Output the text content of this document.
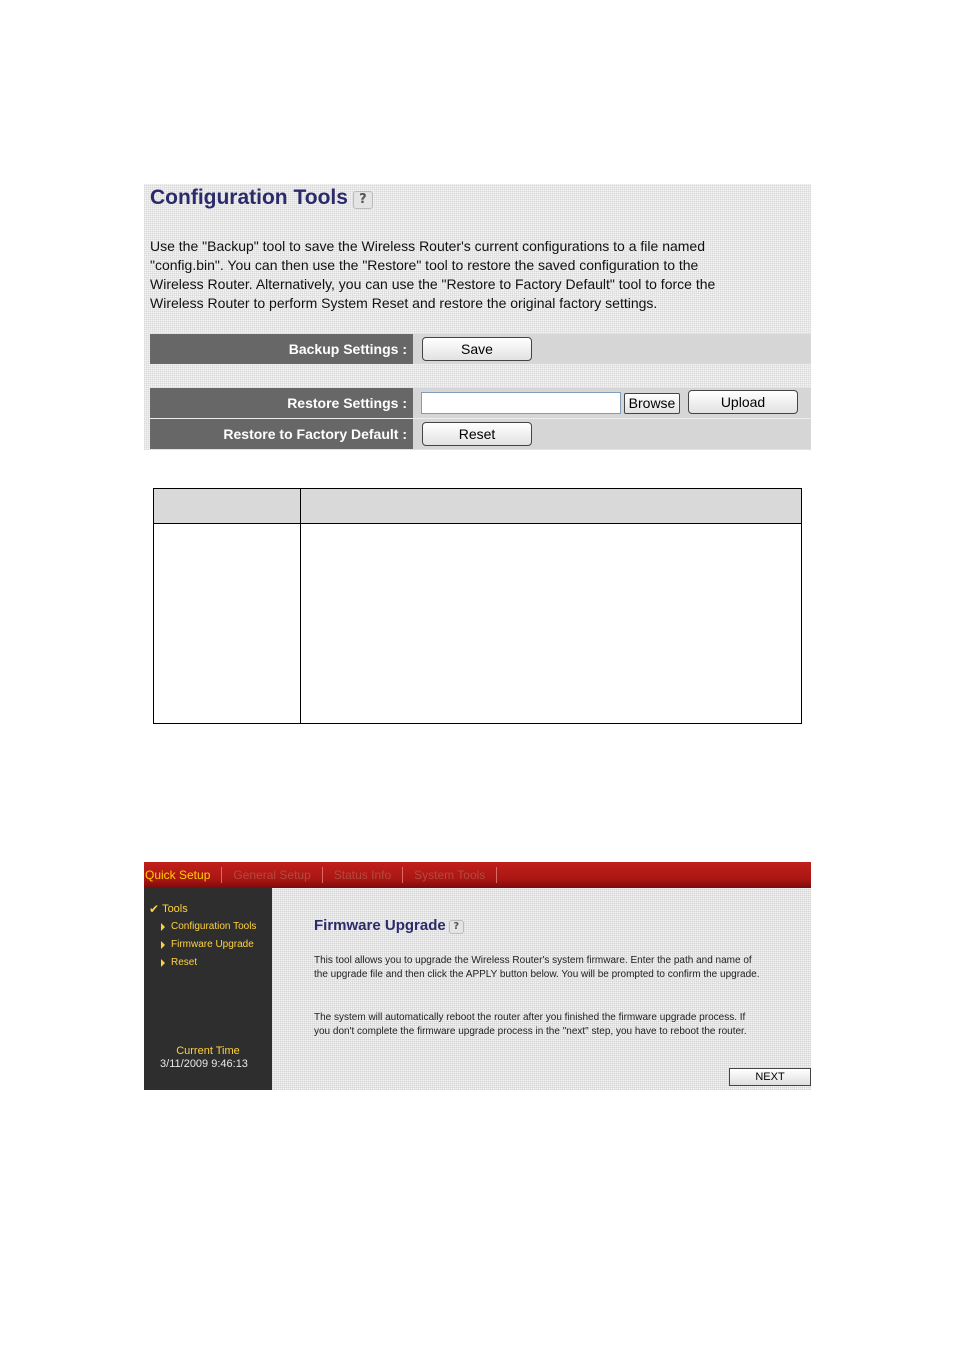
Configuration Tools ?
Use the "Backup" tool to save the Wireless Router's current configurations to a file named "config.bin". You can then use the "Restore" tool to restore the saved configuration to the Wireless Router. Alternatively, you can use the "Restore to Factory Default" tool to force the Wireless Router to perform System Reset and restore the original factory settings.
Backup Settings :	Save
Restore Settings :	Browse	Upload
Restore to Factory Default :	Reset

Quick Setup	General Setup	Status Info	System Tools
✔ Tools
Configuration Tools
Firmware Upgrade
Reset
Current Time
3/11/2009 9:46:13
Firmware Upgrade ?
This tool allows you to upgrade the Wireless Router's system firmware. Enter the path and name of the upgrade file and then click the APPLY button below. You will be prompted to confirm the upgrade.
The system will automatically reboot the router after you finished the firmware upgrade process. If you don't complete the firmware upgrade process in the "next" step, you have to reboot the router.
NEXT
